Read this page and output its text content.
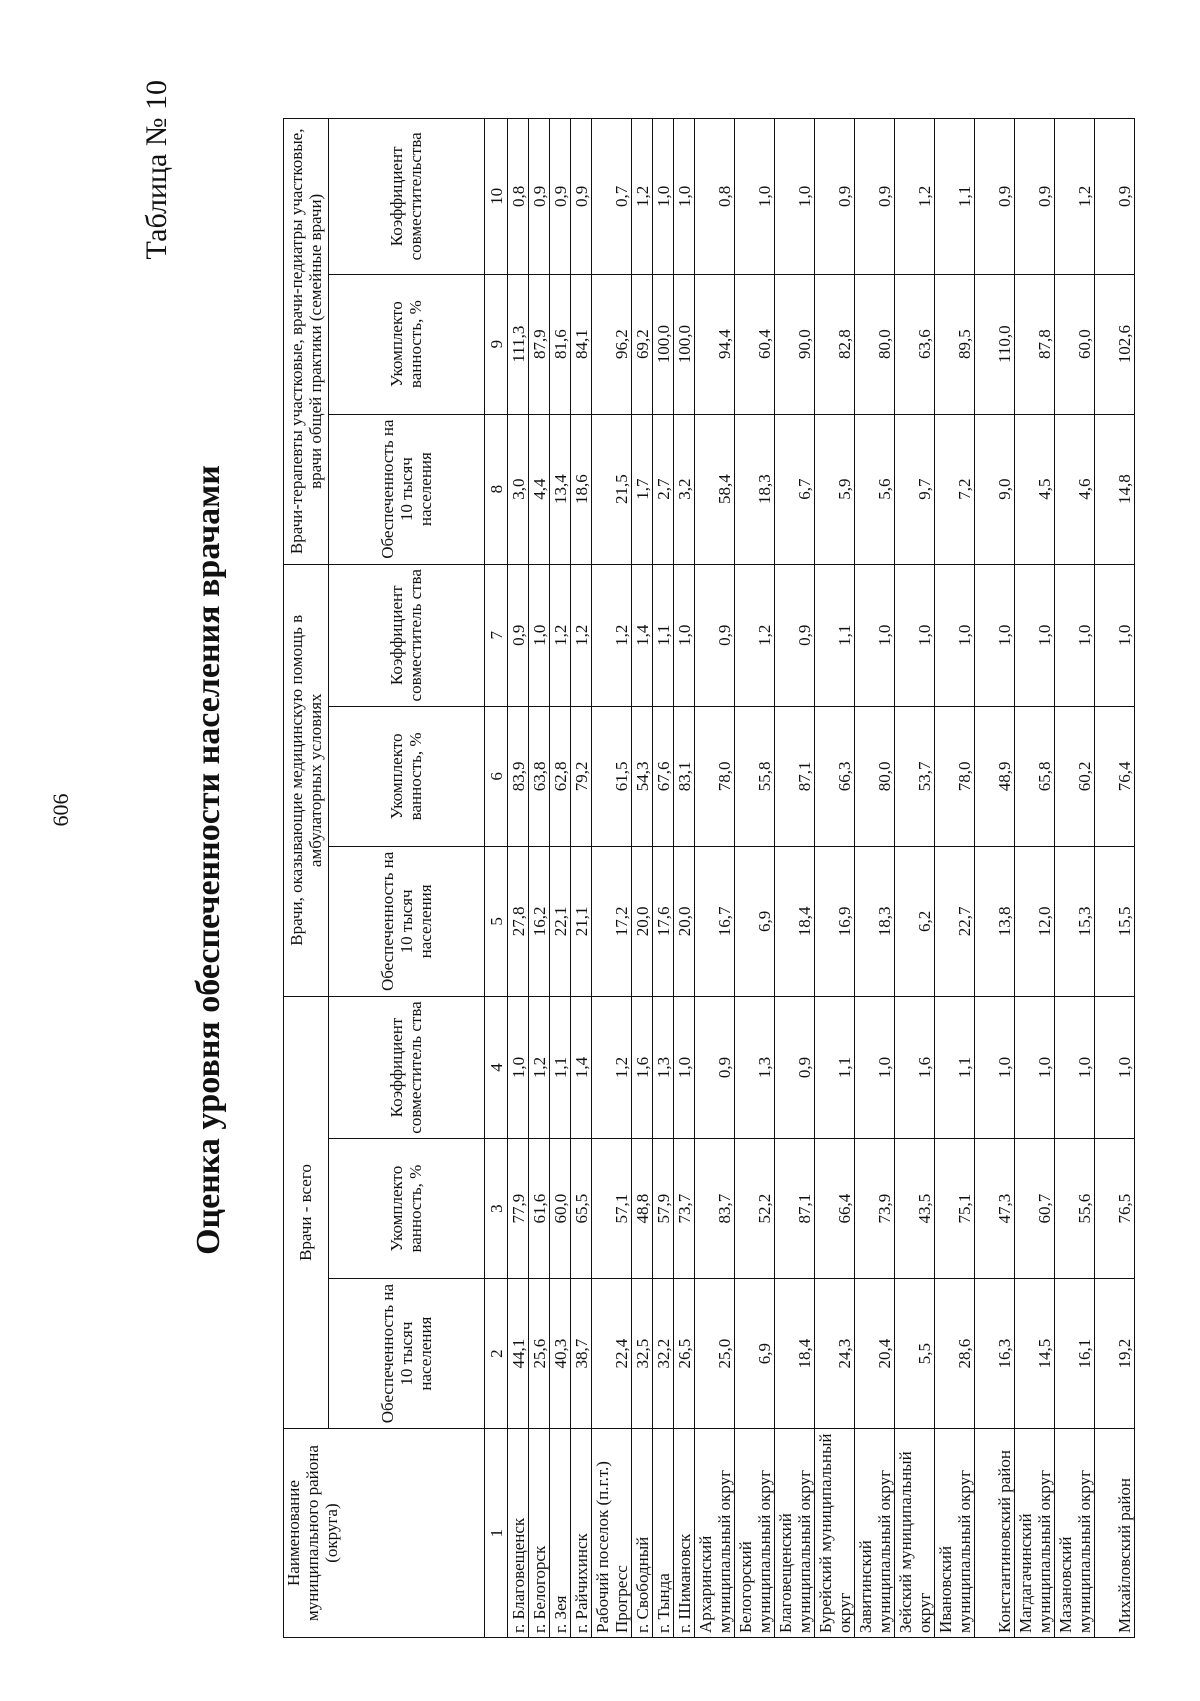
606
Таблица № 10
Оценка уровня обеспеченности населения врачами
Наименование муниципального района (округа)	Врачи - всего			Врачи, оказывающие медицинскую помощь в амбулаторных условиях			Врачи-терапевты участковые, врачи-педиатры участковые, врачи общей практики (семейные врачи)		
	Обеспеченность на 10 тысяч населения	Укомплекто ванность, %	Коэффициент совместитель ства	Обеспеченность на 10 тысяч населения	Укомплекто ванность, %	Коэффициент совместитель ства	Обеспеченность на 10 тысяч населения	Укомплекто ванность, %	Коэффициент совместительства
1	2	3	4	5	6	7	8	9	10
г. Благовещенск	44,1	77,9	1,0	27,8	83,9	0,9	3,0	111,3	0,8
г. Белогорск	25,6	61,6	1,2	16,2	63,8	1,0	4,4	87,9	0,9
г. Зея	40,3	60,0	1,1	22,1	62,8	1,2	13,4	81,6	0,9
г. Райчихинск	38,7	65,5	1,4	21,1	79,2	1,2	18,6	84,1	0,9
Рабочий поселок (п.г.т.) Прогресс	22,4	57,1	1,2	17,2	61,5	1,2	21,5	96,2	0,7
г. Свободный	32,5	48,8	1,6	20,0	54,3	1,4	1,7	69,2	1,2
г. Тында	32,2	57,9	1,3	17,6	67,6	1,1	2,7	100,0	1,0
г. Шимановск	26,5	73,7	1,0	20,0	83,1	1,0	3,2	100,0	1,0
Архаринский муниципальный округ	25,0	83,7	0,9	16,7	78,0	0,9	58,4	94,4	0,8
Белогорский муниципальный округ	6,9	52,2	1,3	6,9	55,8	1,2	18,3	60,4	1,0
Благовещенский муниципальный округ	18,4	87,1	0,9	18,4	87,1	0,9	6,7	90,0	1,0
Бурейский муниципальный округ	24,3	66,4	1,1	16,9	66,3	1,1	5,9	82,8	0,9
Завитинский муниципальный округ	20,4	73,9	1,0	18,3	80,0	1,0	5,6	80,0	0,9
Зейский муниципальный округ	5,5	43,5	1,6	6,2	53,7	1,0	9,7	63,6	1,2
Ивановский муниципальный округ	28,6	75,1	1,1	22,7	78,0	1,0	7,2	89,5	1,1
Константиновский район	16,3	47,3	1,0	13,8	48,9	1,0	9,0	110,0	0,9
Магдагачинский муниципальный округ	14,5	60,7	1,0	12,0	65,8	1,0	4,5	87,8	0,9
Мазановский муниципальный округ	16,1	55,6	1,0	15,3	60,2	1,0	4,6	60,0	1,2
Михайловский район	19,2	76,5	1,0	15,5	76,4	1,0	14,8	102,6	0,9
